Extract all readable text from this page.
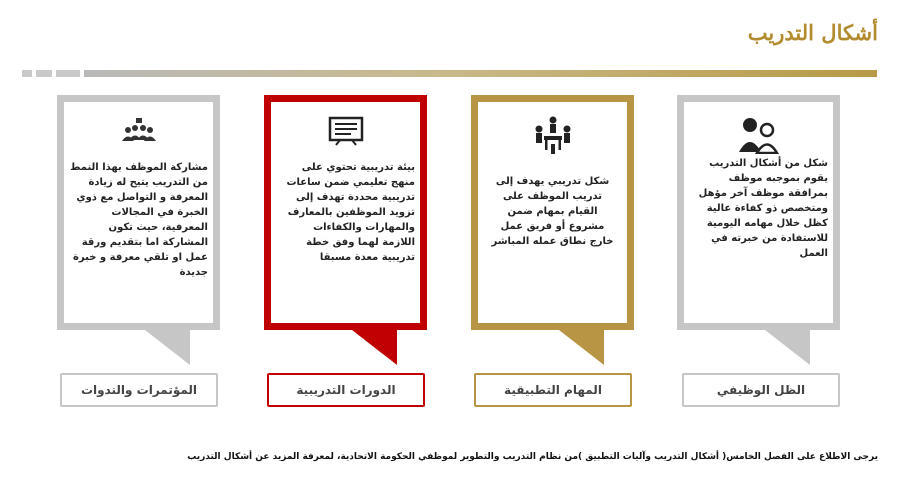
أشكال التدريب
مشاركة الموظف بهذا النمط من التدريب يتيح له زيادة المعرفة و التواصل مع ذوي الخبرة في المجالات المعرفية، حيث تكون المشاركة اما بتقديم ورقة عمل او تلقي معرفة و خبرة جديدة
المؤتمرات والندوات
بيئة تدريبية تحتوي على منهج تعليمي ضمن ساعات تدريبية محددة تهدف إلى تزويد الموظفين بالمعارف والمهارات والكفاءات اللازمة لهما وفق خطة تدريبية معدة مسبقا
الدورات التدريبية
شكل تدريبي يهدف إلى تدريب الموظف على القيام بمهام ضمن مشروع أو فريق عمل خارج نطاق عمله المباشر
المهام التطبيقية
شكل من أشكال التدريب يقوم بموجبه موظف بمرافقة موظف آخر مؤهل ومتخصص ذو كفاءة عالية كظل خلال مهامه اليومية للاستفادة من خبرته في العمل
الظل الوظيفي
يرجى الاطلاع على الفصل الخامس( أشكال التدريب وآليات التطبيق )من نظام التدريب والتطوير لموظفي الحكومة الاتحادية، لمعرفة المزيد عن أشكال التدريب
